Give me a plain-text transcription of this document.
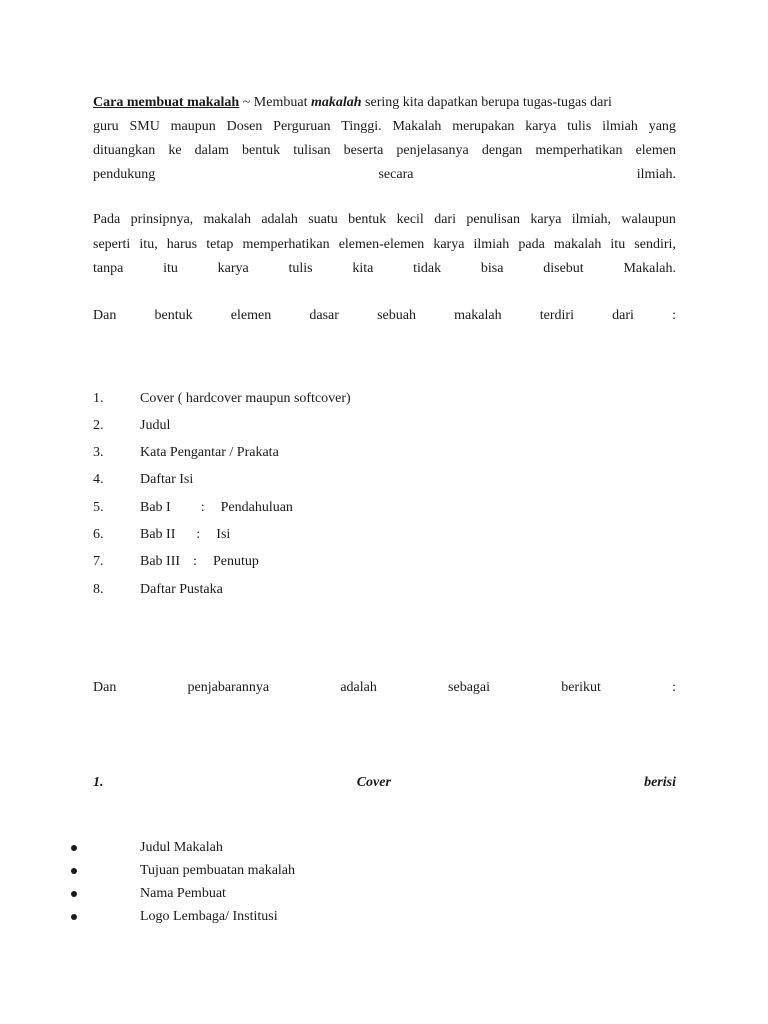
Cara membuat makalah ~ Membuat makalah sering kita dapatkan berupa tugas-tugas dari
guru SMU maupun Dosen Perguruan Tinggi. Makalah merupakan karya tulis ilmiah yang
dituangkan ke dalam bentuk tulisan beserta penjelasanya dengan memperhatikan elemen
pendukung	secara	ilmiah.
Pada prinsipnya, makalah adalah suatu bentuk kecil dari penulisan karya ilmiah, walaupun
seperti itu, harus tetap memperhatikan elemen-elemen karya ilmiah pada makalah itu sendiri,
tanpa	itu	karya	tulis	kita	tidak	bisa	disebut	Makalah.
Dan	bentuk	elemen	dasar	sebuah	makalah	terdiri	dari	:
1.	Cover ( hardcover maupun softcover)
2.	Judul
3.	Kata Pengantar / Prakata
4.	Daftar Isi
5.	Bab I : Pendahuluan
6.	Bab II : Isi
7.	Bab III : Penutup
8.	Daftar Pustaka
Dan	penjabarannya	adalah	sebagai	berikut	:
1.	Cover	berisi
Judul Makalah
Tujuan pembuatan makalah
Nama Pembuat
Logo Lembaga/ Institusi
